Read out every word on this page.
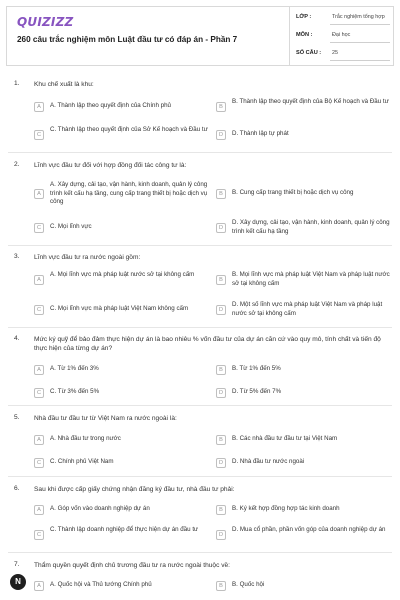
QUIZIZZ
260 câu trắc nghiệm môn Luật đầu tư có đáp án - Phần 7
LỚP :	Trắc nghiệm tổng hợp
MÔN :	Đại học
SỐ CÂU : 25
1. Khu chế xuất là khu:
A	A. Thành lập theo quyết định của Chính phủ	B
B. Thành lập theo quyết định của Bộ Kế hoạch và Đầu tư
C
C. Thành lập theo quyết định của Sở Kế hoạch và Đầu tư
D	D. Thành lập tự phát
2. Lĩnh vực đầu tư đối với hợp đồng đối tác công tư là:
A
A. Xây dựng, cải tạo, vận hành, kinh doanh, quản lý công trình kết cấu hạ tầng, cung cấp trang thiết bị hoặc dịch vụ công
B	B. Cung cấp trang thiết bị hoặc dịch vụ công
C	C. Mọi lĩnh vực	D
D. Xây dựng, cải tạo, vận hành, kinh doanh, quản lý công trình kết cấu hạ tầng
3. Lĩnh vực đầu tư ra nước ngoài gồm:
A
A. Mọi lĩnh vực mà pháp luật nước sở tại không cấm
B
B. Mọi lĩnh vực mà pháp luật Việt Nam và pháp luật nước sở tại không cấm
C	C. Mọi lĩnh vực mà pháp luật Việt Nam không cấm	D
D. Một số lĩnh vực mà pháp luật Việt Nam và pháp luật nước sở tại không cấm
4. Mức ký quỹ để bảo đảm thực hiện dự án là bao nhiêu % vốn đầu tư của dự án căn cứ vào quy mô, tính chất và tiến độ thực hiện của từng dự án?
A	A. Từ 1% đến 3%	B	B. Từ 1% đến 5%
C	C. Từ 3% đến 5%	D	D. Từ 5% đến 7%
5. Nhà đầu tư đầu tư từ Việt Nam ra nước ngoài là:
A	A. Nhà đầu tư trong nước	B	B. Các nhà đầu tư đầu tư tại Việt Nam
C	C. Chính phủ Việt Nam	D	D. Nhà đầu tư nước ngoài
6. Sau khi được cấp giấy chứng nhận đăng ký đầu tư, nhà đầu tư phải:
A	A. Góp vốn vào doanh nghiệp dự án	B	B. Ký kết hợp đồng hợp tác kinh doanh
C
C. Thành lập doanh nghiệp để thực hiện dự án đầu tư
D
D. Mua cổ phần, phần vốn góp của doanh nghiệp dự án
7. Thẩm quyền quyết định chủ trương đầu tư ra nước ngoài thuộc về:
A	A. Quốc hội và Thủ tướng Chính phủ	B	B. Quốc hội
N
